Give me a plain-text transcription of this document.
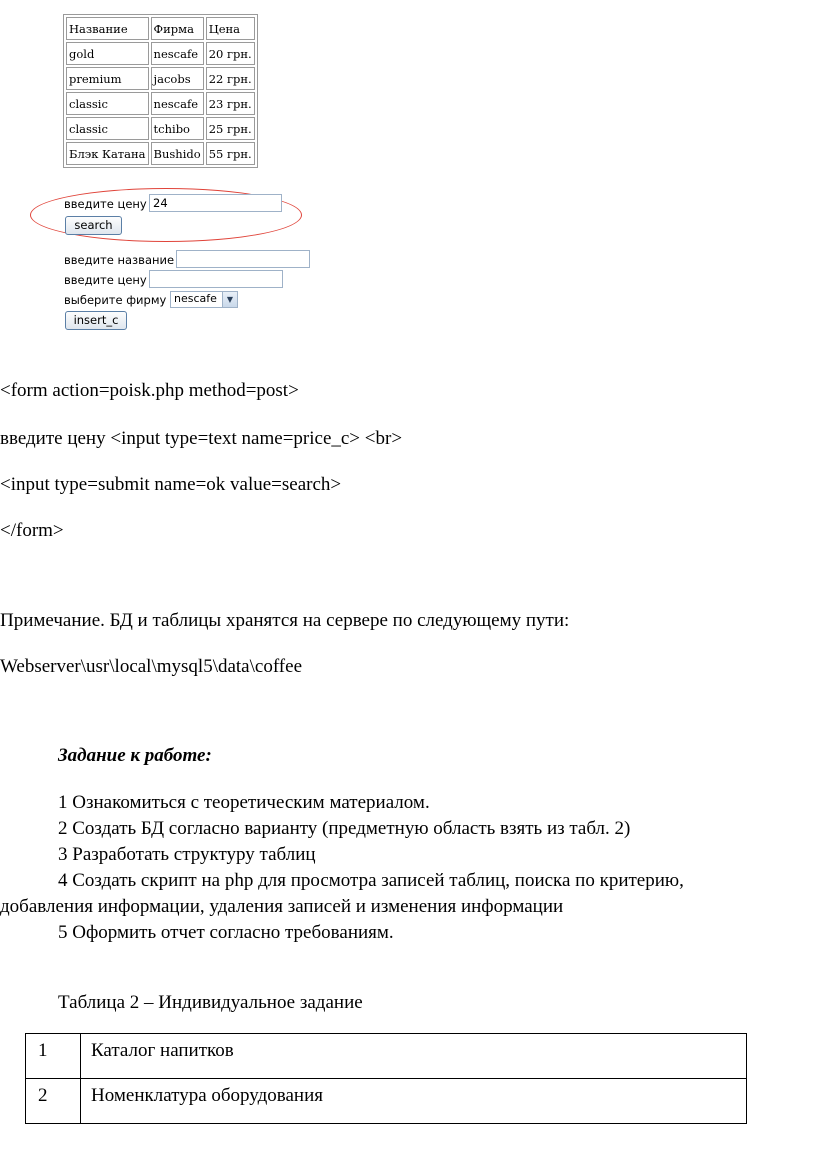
Название	Фирма	Цена
gold	nescafe	20 грн.
premium	jacobs	22 грн.
classic	nescafe	23 грн.
classic	tchibo	25 грн.
Блэк Катана	Bushido	55 грн.
введите цену 24
search
введите название
введите цену
выберите фирму nescafe	▼
insert_c
<form action=poisk.php method=post>
введите цену <input type=text name=price_c> <br>
<input type=submit name=ok value=search>
</form>
Примечание. БД и таблицы хранятся на сервере по следующему пути:
Webserver\usr\local\mysql5\data\coffee
Задание к работе:
1 Ознакомиться с теоретическим материалом.
2 Создать БД согласно варианту (предметную область взять из табл. 2)
3 Разработать структуру таблиц
4 Создать скрипт на php для просмотра записей таблиц, поиска по критерию,
добавления информации, удаления записей и изменения информации
5 Оформить отчет согласно требованиям.
Таблица 2 – Индивидуальное задание
1	Каталог напитков
2	Номенклатура оборудования
